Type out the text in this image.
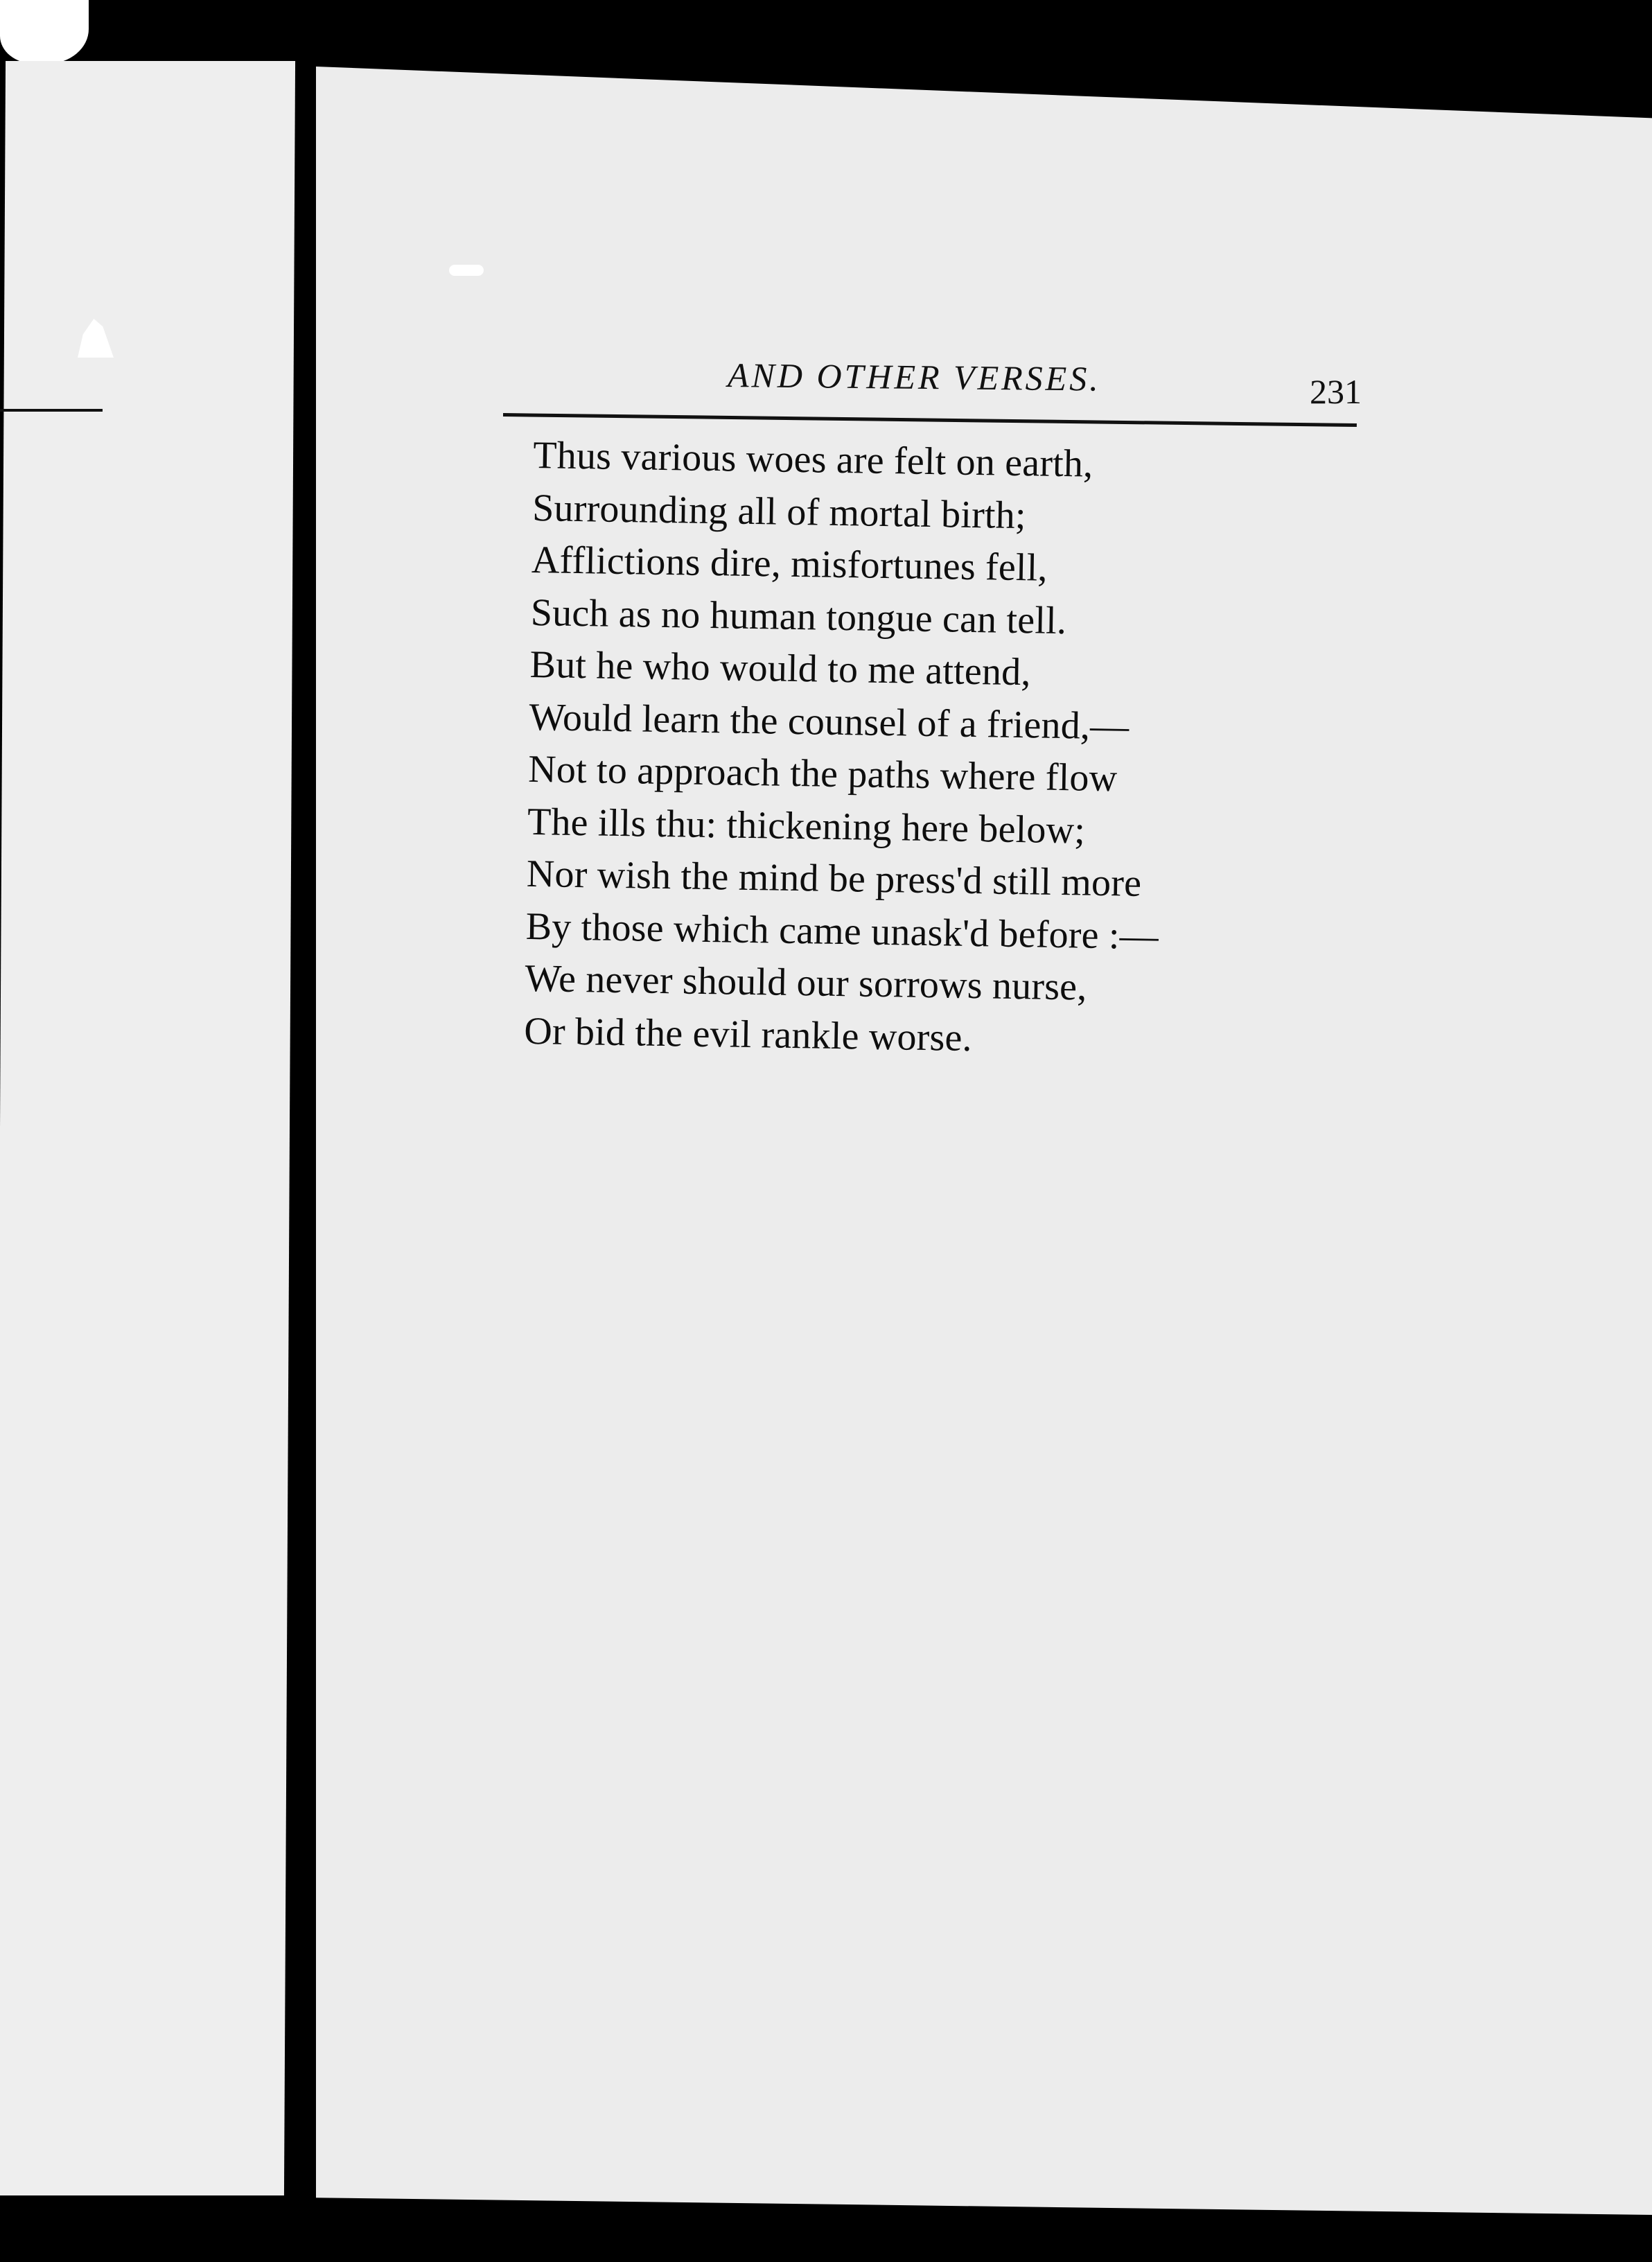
AND OTHER VERSES.	231
Thus various woes are felt on earth,
Surrounding all of mortal birth;
Afflictions dire, misfortunes fell,
Such as no human tongue can tell.
But he who would to me attend,
Would learn the counsel of a friend,—
Not to approach the paths where flow
The ills thu: thickening here below;
Nor wish the mind be press'd still more
By those which came unask'd before :—
We never should our sorrows nurse,
Or bid the evil rankle worse.
